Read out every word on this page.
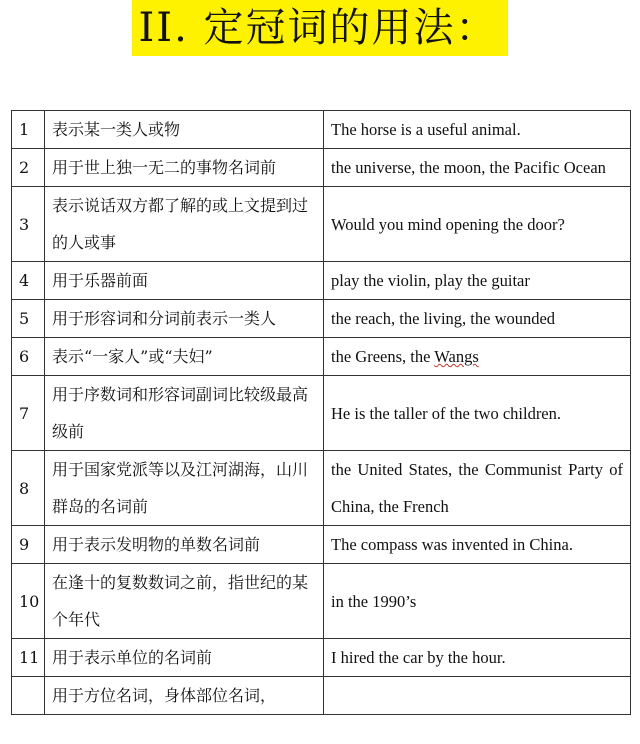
II. 定冠词的用法：
1	表示某一类人或物	The horse is a useful animal.
2	用于世上独一无二的事物名词前	the universe, the moon, the Pacific Ocean
3	表示说话双方都了解的或上文提到过的人或事	Would you mind opening the door?
4	用于乐器前面	play the violin, play the guitar
5	用于形容词和分词前表示一类人	the reach, the living, the wounded
6	表示“一家人”或“夫妇”	the Greens, the Wangs
7	用于序数词和形容词副词比较级最高级前	He is the taller of the two children.
8	用于国家党派等以及江河湖海，山川群岛的名词前	the United States, the Communist Party of China, the French
9	用于表示发明物的单数名词前	The compass was invented in China.
10	在逢十的复数数词之前，指世纪的某个年代	in the 1990’s
11	用于表示单位的名词前	I hired the car by the hour.
	用于方位名词，身体部位名词，	
